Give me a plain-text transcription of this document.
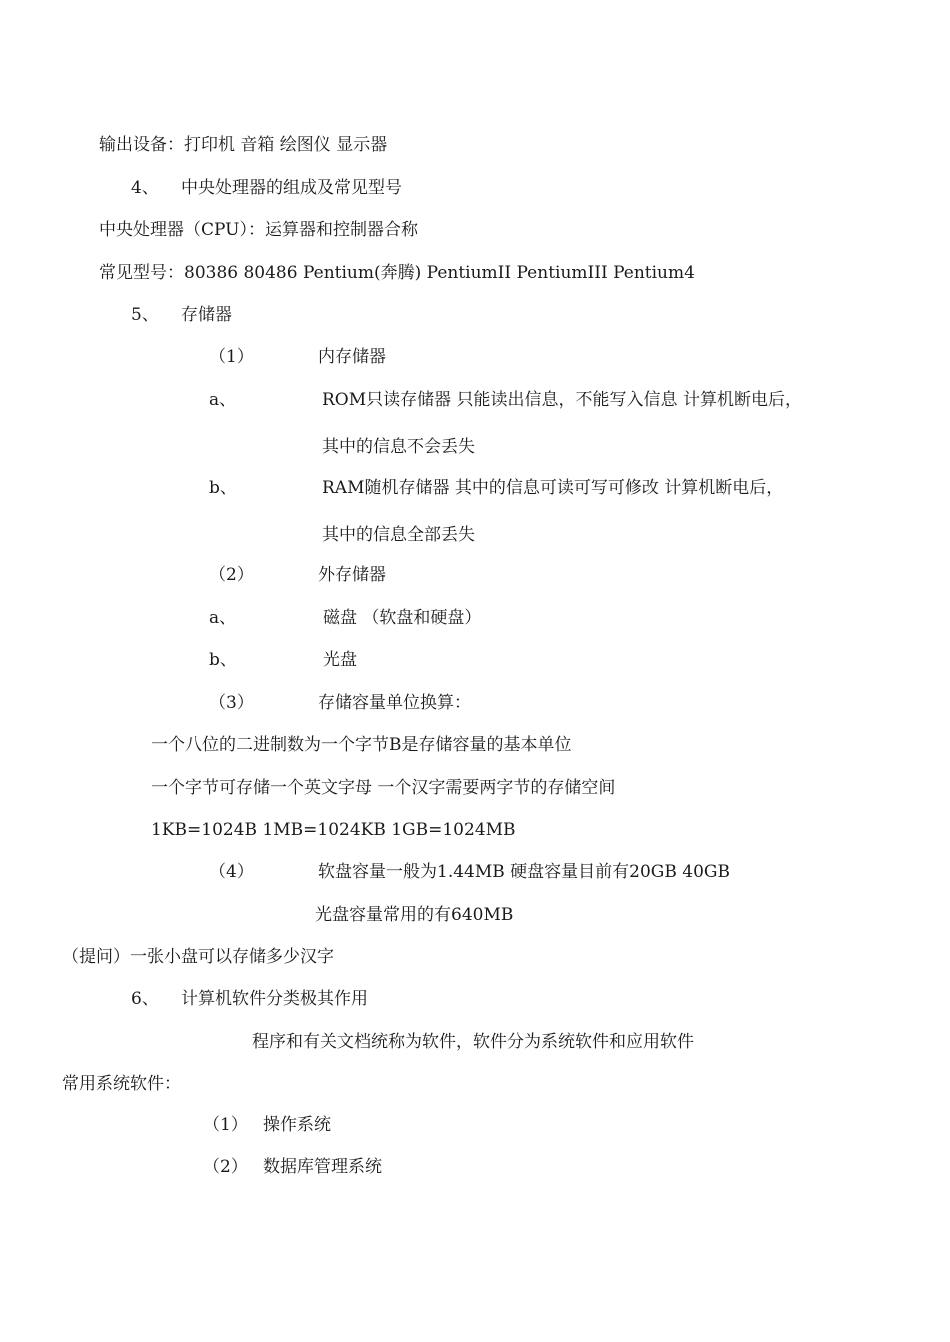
输出设备：打印机 音箱 绘图仪 显示器
4、 中央处理器的组成及常见型号
中央处理器（CPU）：运算器和控制器合称
常见型号：80386 80486 Pentium(奔腾) PentiumII PentiumIII Pentium4
5、 存储器
（1）	内存储器
a、	ROM只读存储器 只能读出信息，不能写入信息 计算机断电后，
其中的信息不会丢失
b、	RAM随机存储器 其中的信息可读可写可修改 计算机断电后，
其中的信息全部丢失
（2）	外存储器
a、	磁盘 （软盘和硬盘）
b、	光盘
（3）	存储容量单位换算：
一个八位的二进制数为一个字节B是存储容量的基本单位
一个字节可存储一个英文字母 一个汉字需要两字节的存储空间
1KB=1024B 1MB=1024KB 1GB=1024MB
（4）	软盘容量一般为1.44MB 硬盘容量目前有20GB 40GB
光盘容量常用的有640MB
（提问）一张小盘可以存储多少汉字
6、 计算机软件分类极其作用
程序和有关文档统称为软件，软件分为系统软件和应用软件
常用系统软件：
（1） 操作系统
（2） 数据库管理系统
